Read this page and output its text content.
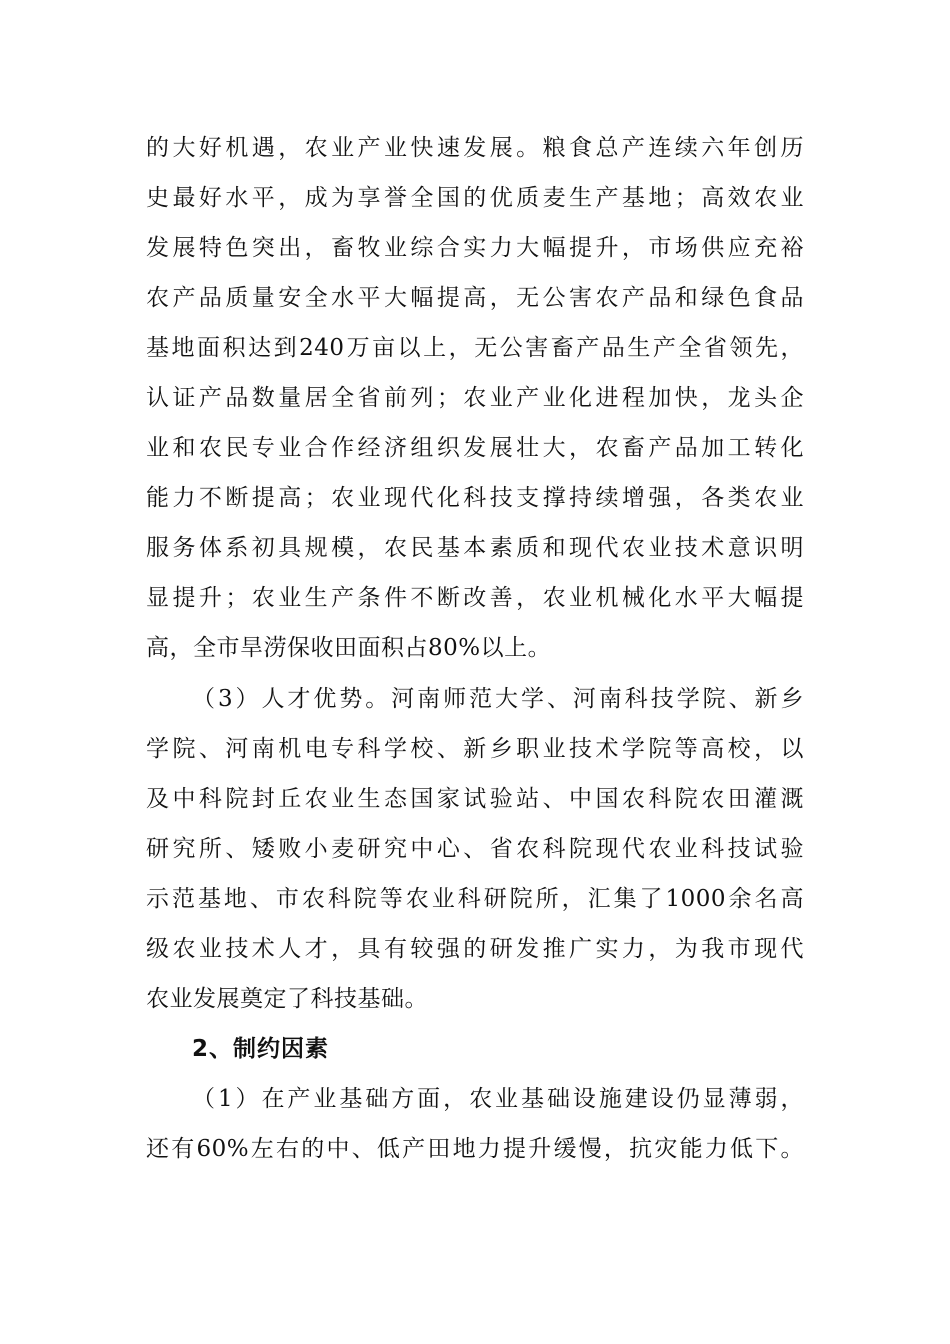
的大好机遇，农业产业快速发展。粮食总产连续六年创历
史最好水平，成为享誉全国的优质麦生产基地；高效农业
发展特色突出，畜牧业综合实力大幅提升，市场供应充裕
农产品质量安全水平大幅提高，无公害农产品和绿色食品
基地面积达到240万亩以上，无公害畜产品生产全省领先，
认证产品数量居全省前列；农业产业化进程加快，龙头企
业和农民专业合作经济组织发展壮大，农畜产品加工转化
能力不断提高；农业现代化科技支撑持续增强，各类农业
服务体系初具规模，农民基本素质和现代农业技术意识明
显提升；农业生产条件不断改善，农业机械化水平大幅提
高，全市旱涝保收田面积占80%以上。
（3）人才优势。河南师范大学、河南科技学院、新乡
学院、河南机电专科学校、新乡职业技术学院等高校，以
及中科院封丘农业生态国家试验站、中国农科院农田灌溉
研究所、矮败小麦研究中心、省农科院现代农业科技试验
示范基地、市农科院等农业科研院所，汇集了1000余名高
级农业技术人才，具有较强的研发推广实力，为我市现代
农业发展奠定了科技基础。
2、制约因素
（1）在产业基础方面，农业基础设施建设仍显薄弱，
还有60%左右的中、低产田地力提升缓慢，抗灾能力低下。
